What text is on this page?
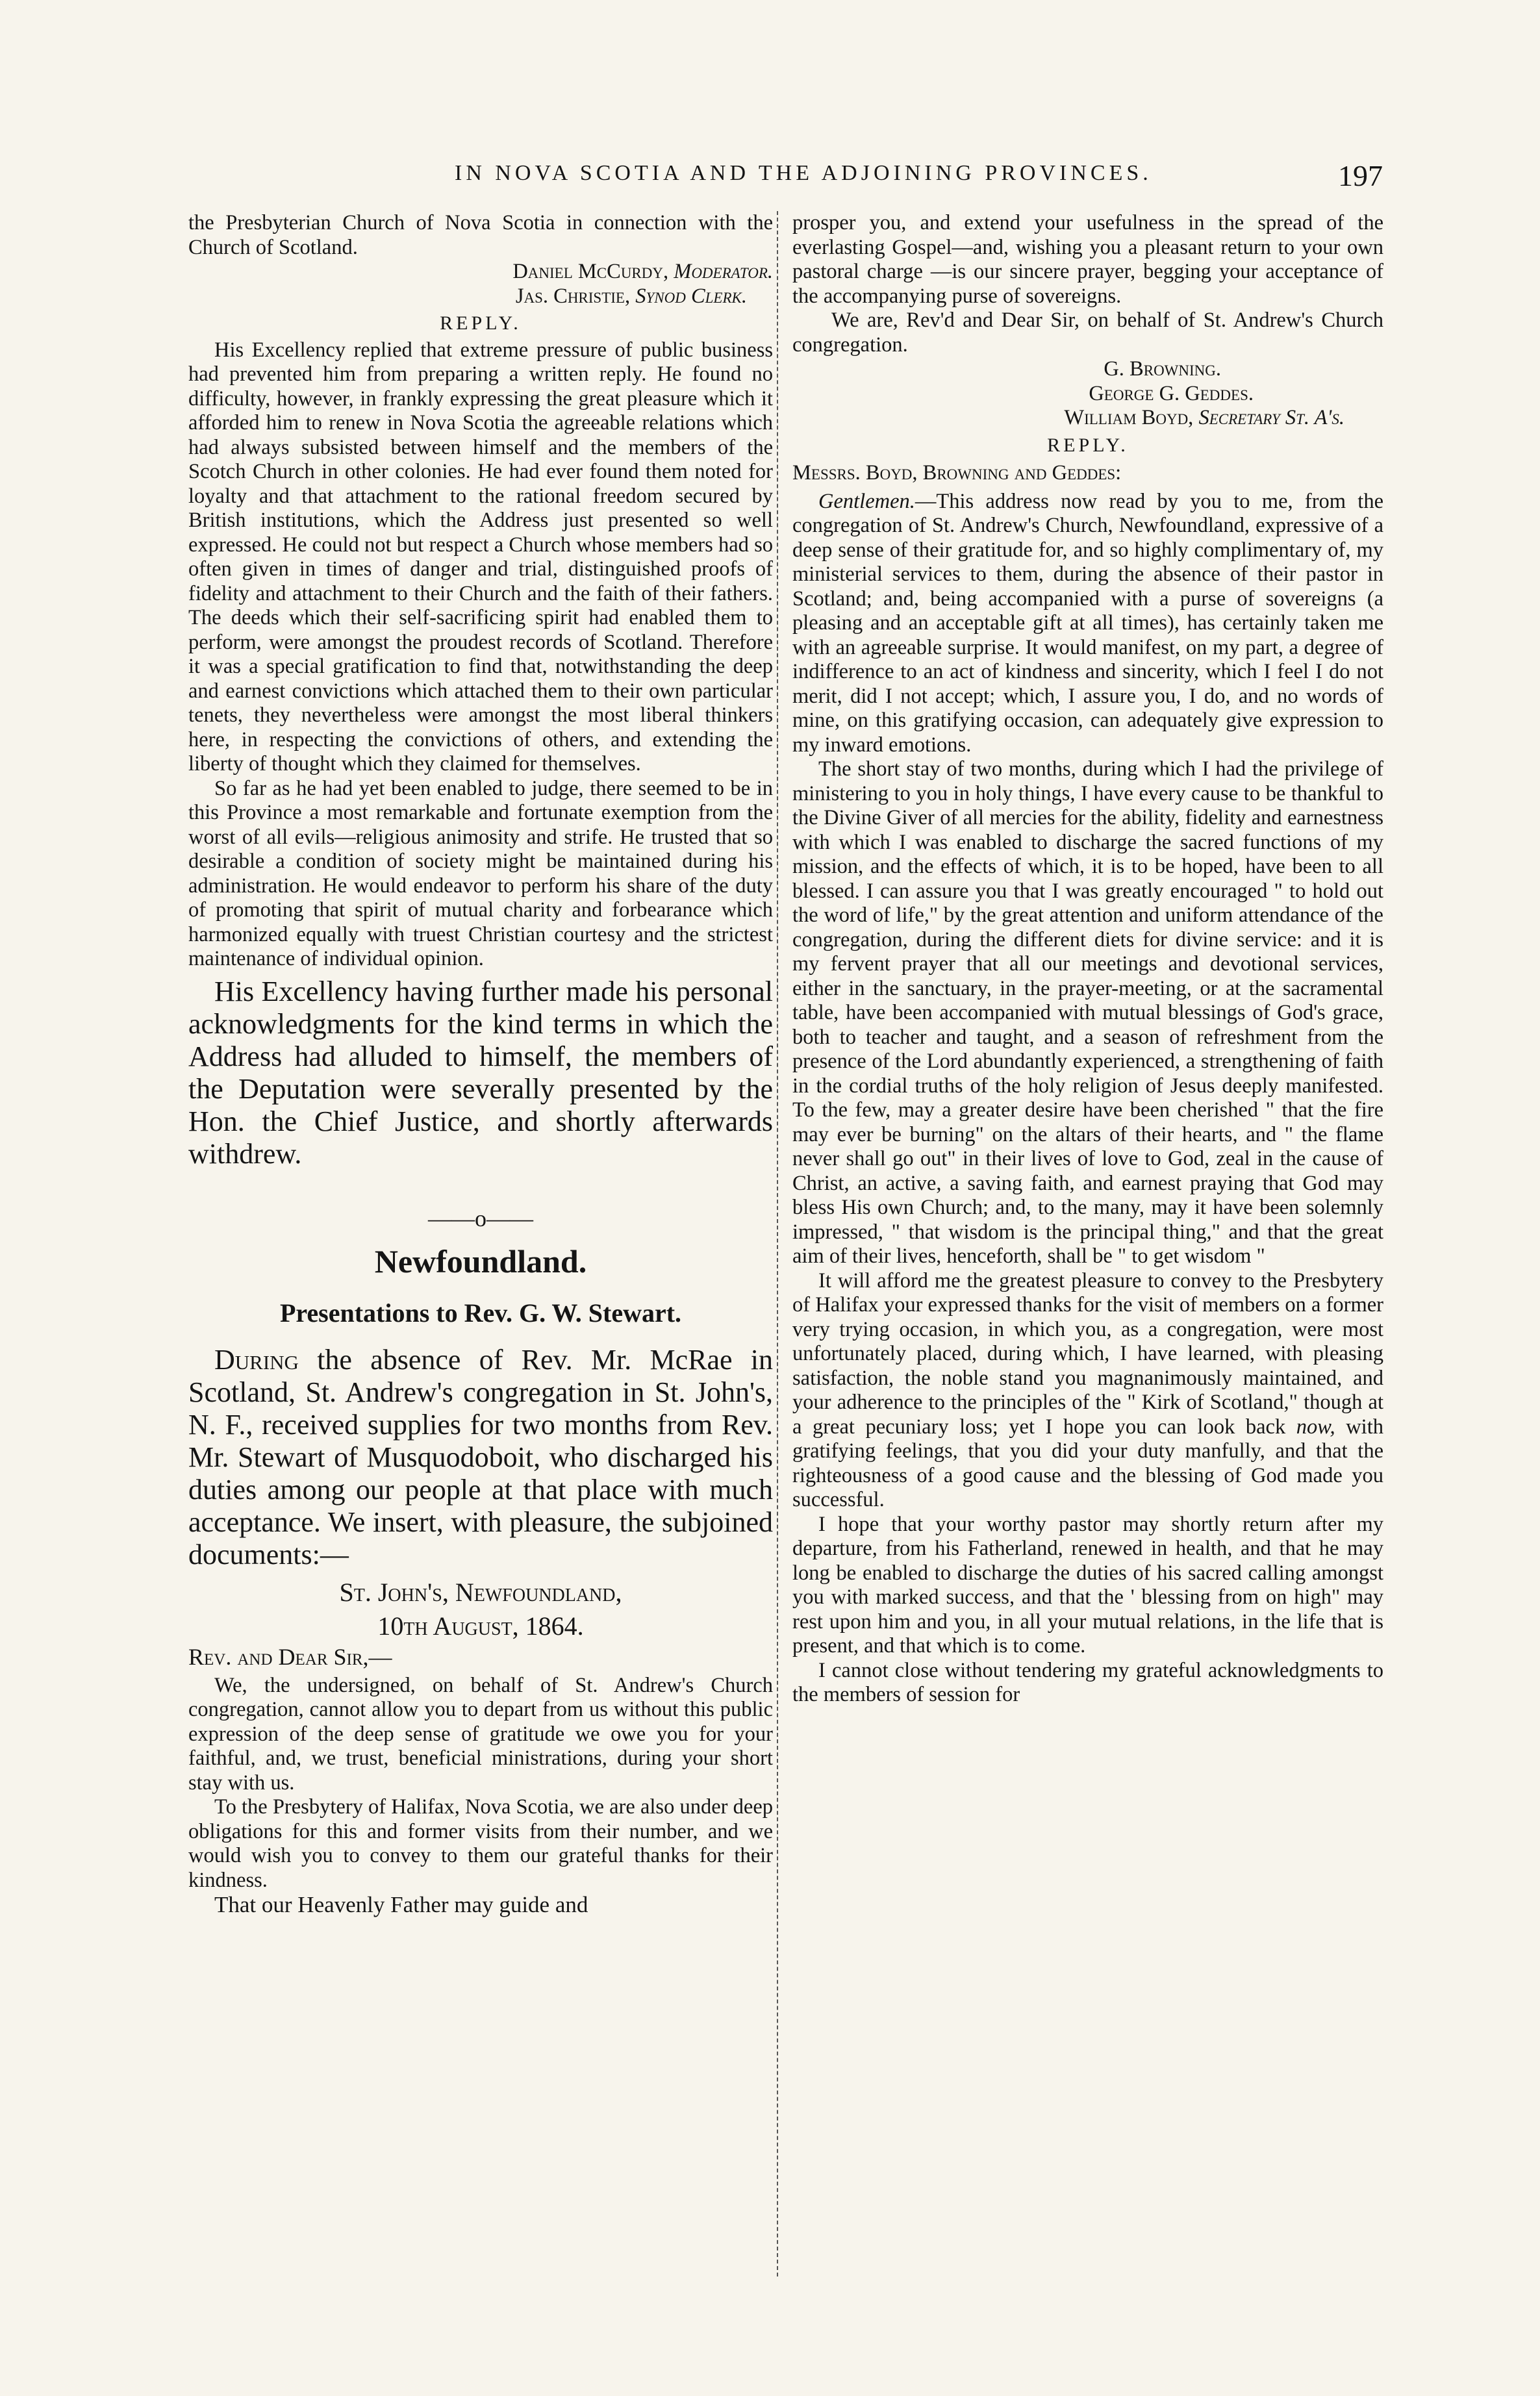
IN NOVA SCOTIA AND THE ADJOINING PROVINCES.	197

the Presbyterian Church of Nova Scotia in connection with the Church of Scotland.

Daniel McCurdy, Moderator.

Jas. Christie, Synod Clerk.

REPLY.

His Excellency replied that extreme pressure of public business had prevented him from preparing a written reply. He found no difficulty, however, in frankly expressing the great pleasure which it afforded him to renew in Nova Scotia the agreeable relations which had always subsisted between himself and the members of the Scotch Church in other colonies. He had ever found them noted for loyalty and that attachment to the rational freedom secured by British institutions, which the Address just presented so well expressed. He could not but respect a Church whose members had so often given in times of danger and trial, distinguished proofs of fidelity and attachment to their Church and the faith of their fathers. The deeds which their self-sacrificing spirit had enabled them to perform, were amongst the proudest records of Scotland. Therefore it was a special gratification to find that, notwithstanding the deep and earnest convictions which attached them to their own particular tenets, they nevertheless were amongst the most liberal thinkers here, in respecting the convictions of others, and extending the liberty of thought which they claimed for themselves.

So far as he had yet been enabled to judge, there seemed to be in this Province a most remarkable and fortunate exemption from the worst of all evils—religious animosity and strife. He trusted that so desirable a condition of society might be maintained during his administration. He would endeavor to perform his share of the duty of promoting that spirit of mutual charity and forbearance which harmonized equally with truest Christian courtesy and the strictest maintenance of individual opinion.

His Excellency having further made his personal acknowledgments for the kind terms in which the Address had alluded to himself, the members of the Deputation were severally presented by the Hon. the Chief Justice, and shortly afterwards withdrew.

——o——

Newfoundland.

Presentations to Rev. G. W. Stewart.

During the absence of Rev. Mr. McRae in Scotland, St. Andrew's congregation in St. John's, N. F., received supplies for two months from Rev. Mr. Stewart of Musquodoboit, who discharged his duties among our people at that place with much acceptance. We insert, with pleasure, the subjoined documents:—

St. John's, Newfoundland,

10th August, 1864.

Rev. and Dear Sir,—

We, the undersigned, on behalf of St. Andrew's Church congregation, cannot allow you to depart from us without this public expression of the deep sense of gratitude we owe you for your faithful, and, we trust, beneficial ministrations, during your short stay with us.

To the Presbytery of Halifax, Nova Scotia, we are also under deep obligations for this and former visits from their number, and we would wish you to convey to them our grateful thanks for their kindness.

That our Heavenly Father may guide and

prosper you, and extend your usefulness in the spread of the everlasting Gospel—and, wishing you a pleasant return to your own pastoral charge —is our sincere prayer, begging your acceptance of the accompanying purse of sovereigns.

We are, Rev'd and Dear Sir, on behalf of St. Andrew's Church congregation.

G. Browning.

George G. Geddes.

William Boyd, Secretary St. A's.

REPLY.

Messrs. Boyd, Browning and Geddes:

Gentlemen.—This address now read by you to me, from the congregation of St. Andrew's Church, Newfoundland, expressive of a deep sense of their gratitude for, and so highly complimentary of, my ministerial services to them, during the absence of their pastor in Scotland; and, being accompanied with a purse of sovereigns (a pleasing and an acceptable gift at all times), has certainly taken me with an agreeable surprise. It would manifest, on my part, a degree of indifference to an act of kindness and sincerity, which I feel I do not merit, did I not accept; which, I assure you, I do, and no words of mine, on this gratifying occasion, can adequately give expression to my inward emotions.

The short stay of two months, during which I had the privilege of ministering to you in holy things, I have every cause to be thankful to the Divine Giver of all mercies for the ability, fidelity and earnestness with which I was enabled to discharge the sacred functions of my mission, and the effects of which, it is to be hoped, have been to all blessed. I can assure you that I was greatly encouraged " to hold out the word of life," by the great attention and uniform attendance of the congregation, during the different diets for divine service: and it is my fervent prayer that all our meetings and devotional services, either in the sanctuary, in the prayer-meeting, or at the sacramental table, have been accompanied with mutual blessings of God's grace, both to teacher and taught, and a season of refreshment from the presence of the Lord abundantly experienced, a strengthening of faith in the cordial truths of the holy religion of Jesus deeply manifested. To the few, may a greater desire have been cherished " that the fire may ever be burning" on the altars of their hearts, and " the flame never shall go out" in their lives of love to God, zeal in the cause of Christ, an active, a saving faith, and earnest praying that God may bless His own Church; and, to the many, may it have been solemnly impressed, " that wisdom is the principal thing," and that the great aim of their lives, henceforth, shall be " to get wisdom "

It will afford me the greatest pleasure to convey to the Presbytery of Halifax your expressed thanks for the visit of members on a former very trying occasion, in which you, as a congregation, were most unfortunately placed, during which, I have learned, with pleasing satisfaction, the noble stand you magnanimously maintained, and your adherence to the principles of the " Kirk of Scotland," though at a great pecuniary loss; yet I hope you can look back now, with gratifying feelings, that you did your duty manfully, and that the righteousness of a good cause and the blessing of God made you successful.

I hope that your worthy pastor may shortly return after my departure, from his Fatherland, renewed in health, and that he may long be enabled to discharge the duties of his sacred calling amongst you with marked success, and that the ' blessing from on high" may rest upon him and you, in all your mutual relations, in the life that is present, and that which is to come.

I cannot close without tendering my grateful acknowledgments to the members of session for
